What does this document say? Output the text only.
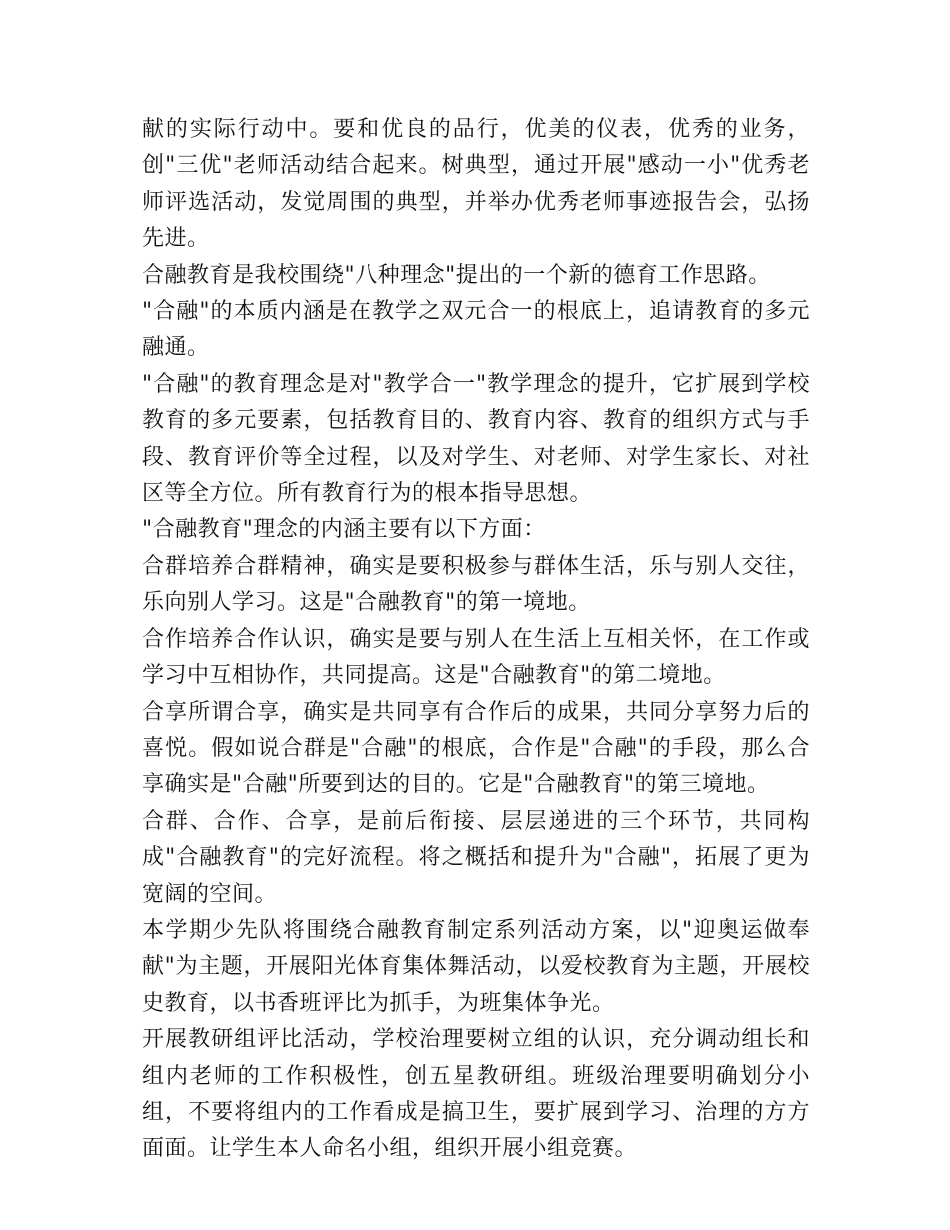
献的实际行动中。要和优良的品行，优美的仪表，优秀的业务，创"三优"老师活动结合起来。树典型，通过开展"感动一小"优秀老师评选活动，发觉周围的典型，并举办优秀老师事迹报告会，弘扬先进。

合融教育是我校围绕"八种理念"提出的一个新的德育工作思路。

"合融"的本质内涵是在教学之双元合一的根底上，追请教育的多元融通。

"合融"的教育理念是对"教学合一"教学理念的提升，它扩展到学校教育的多元要素，包括教育目的、教育内容、教育的组织方式与手段、教育评价等全过程，以及对学生、对老师、对学生家长、对社区等全方位。所有教育行为的根本指导思想。

"合融教育"理念的内涵主要有以下方面：

合群培养合群精神，确实是要积极参与群体生活，乐与别人交往，乐向别人学习。这是"合融教育"的第一境地。

合作培养合作认识，确实是要与别人在生活上互相关怀，在工作或学习中互相协作，共同提高。这是"合融教育"的第二境地。

合享所谓合享，确实是共同享有合作后的成果，共同分享努力后的喜悦。假如说合群是"合融"的根底，合作是"合融"的手段，那么合享确实是"合融"所要到达的目的。它是"合融教育"的第三境地。

合群、合作、合享，是前后衔接、层层递进的三个环节，共同构成"合融教育"的完好流程。将之概括和提升为"合融"，拓展了更为宽阔的空间。

本学期少先队将围绕合融教育制定系列活动方案，以"迎奥运做奉献"为主题，开展阳光体育集体舞活动，以爱校教育为主题，开展校史教育，以书香班评比为抓手，为班集体争光。

开展教研组评比活动，学校治理要树立组的认识，充分调动组长和组内老师的工作积极性，创五星教研组。班级治理要明确划分小组，不要将组内的工作看成是搞卫生，要扩展到学习、治理的方方面面。让学生本人命名小组，组织开展小组竞赛。
